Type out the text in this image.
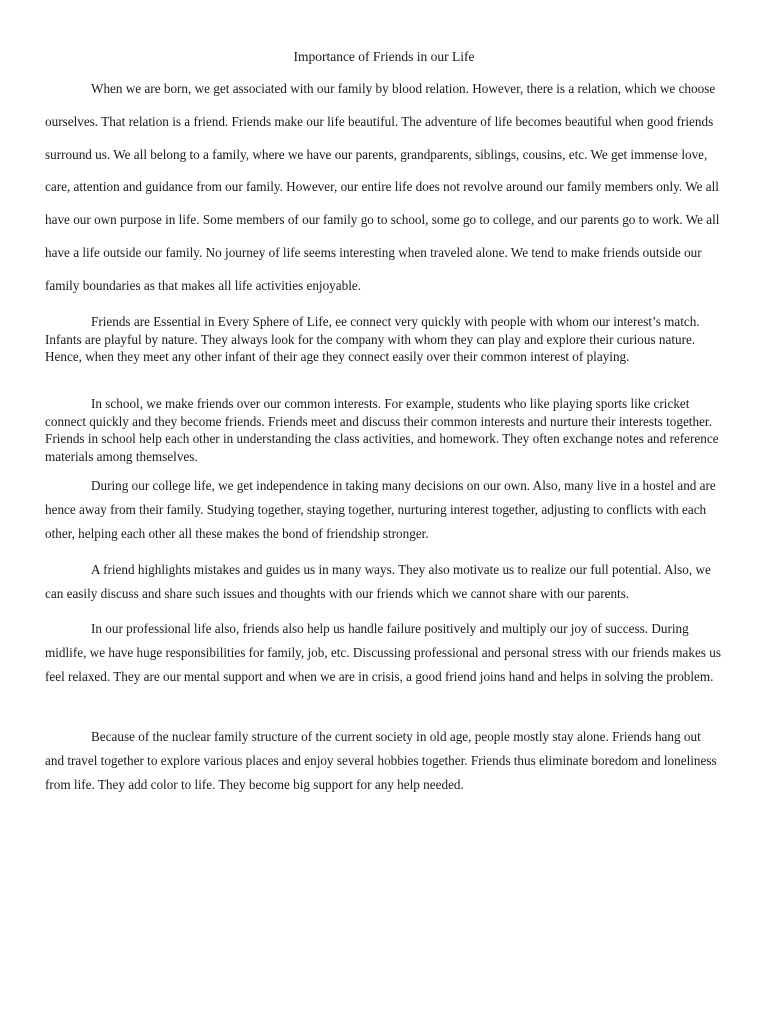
Importance of Friends in our Life

When we are born, we get associated with our family by blood relation. However, there is a relation, which we choose ourselves. That relation is a friend. Friends make our life beautiful. The adventure of life becomes beautiful when good friends surround us. We all belong to a family, where we have our parents, grandparents, siblings, cousins, etc. We get immense love, care, attention and guidance from our family. However, our entire life does not revolve around our family members only. We all have our own purpose in life. Some members of our family go to school, some go to college, and our parents go to work. We all have a life outside our family. No journey of life seems interesting when traveled alone. We tend to make friends outside our family boundaries as that makes all life activities enjoyable.

Friends are Essential in Every Sphere of Life, ee connect very quickly with people with whom our interest’s match. Infants are playful by nature. They always look for the company with whom they can play and explore their curious nature. Hence, when they meet any other infant of their age they connect easily over their common interest of playing.

In school, we make friends over our common interests. For example, students who like playing sports like cricket connect quickly and they become friends. Friends meet and discuss their common interests and nurture their interests together. Friends in school help each other in understanding the class activities, and homework. They often exchange notes and reference materials among themselves.

During our college life, we get independence in taking many decisions on our own. Also, many live in a hostel and are hence away from their family. Studying together, staying together, nurturing interest together, adjusting to conflicts with each other, helping each other all these makes the bond of friendship stronger.

A friend highlights mistakes and guides us in many ways. They also motivate us to realize our full potential. Also, we can easily discuss and share such issues and thoughts with our friends which we cannot share with our parents.

In our professional life also, friends also help us handle failure positively and multiply our joy of success. During midlife, we have huge responsibilities for family, job, etc. Discussing professional and personal stress with our friends makes us feel relaxed. They are our mental support and when we are in crisis, a good friend joins hand and helps in solving the problem.

Because of the nuclear family structure of the current society in old age, people mostly stay alone. Friends hang out and travel together to explore various places and enjoy several hobbies together. Friends thus eliminate boredom and loneliness from life. They add color to life. They become big support for any help needed.
